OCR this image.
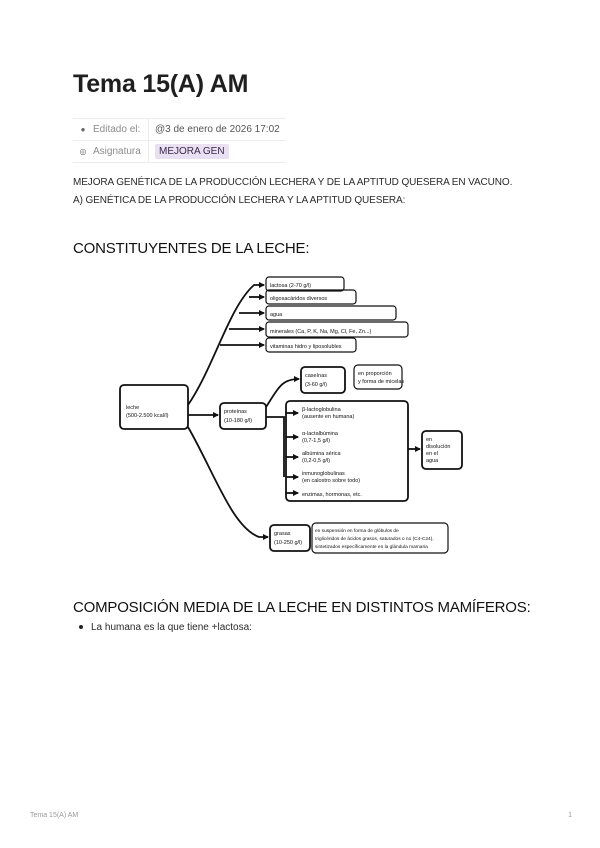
Tema 15(A) AM
● Editado el:	@3 de enero de 2026 17:02
◎ Asignatura	MEJORA GEN
MEJORA GENÉTICA DE LA PRODUCCIÓN LECHERA Y DE LA APTITUD QUESERA EN VACUNO.
A) GENÉTICA DE LA PRODUCCIÓN LECHERA Y LA APTITUD QUESERA:
CONSTITUYENTES DE LA LECHE:
leche
(500-2.500 kcal/l)
lactosa (2-70 g/l)
oligosacáridos diversos
agua
minerales (Ca, P, K, Na, Mg, Cl, Fe, Zn...)
vitaminas hidro y liposolubles
proteínas
(10-180 g/l)
caseínas
(3-60 g/l)
en proporción
y forma de micelas
β-lactoglobulina
(ausente en humana)
α-lactalbúmina
(0,7-1,5 g/l)
albúmina sérica
(0,2-0,5 g/l)
inmunoglobulinas
(en calostro sobre todo)
enzimas, hormonas, etc.
en
disolución
en el
agua
grasas
(10-250 g/l)
en suspensión en forma de glóbulos de
triglicéridos de ácidos grasos, saturados o no (C4-C24),
sintetizados específicamente en la glándula mamaria
COMPOSICIÓN MEDIA DE LA LECHE EN DISTINTOS MAMÍFEROS:
La humana es la que tiene +lactosa:
Tema 15(A) AM	1
